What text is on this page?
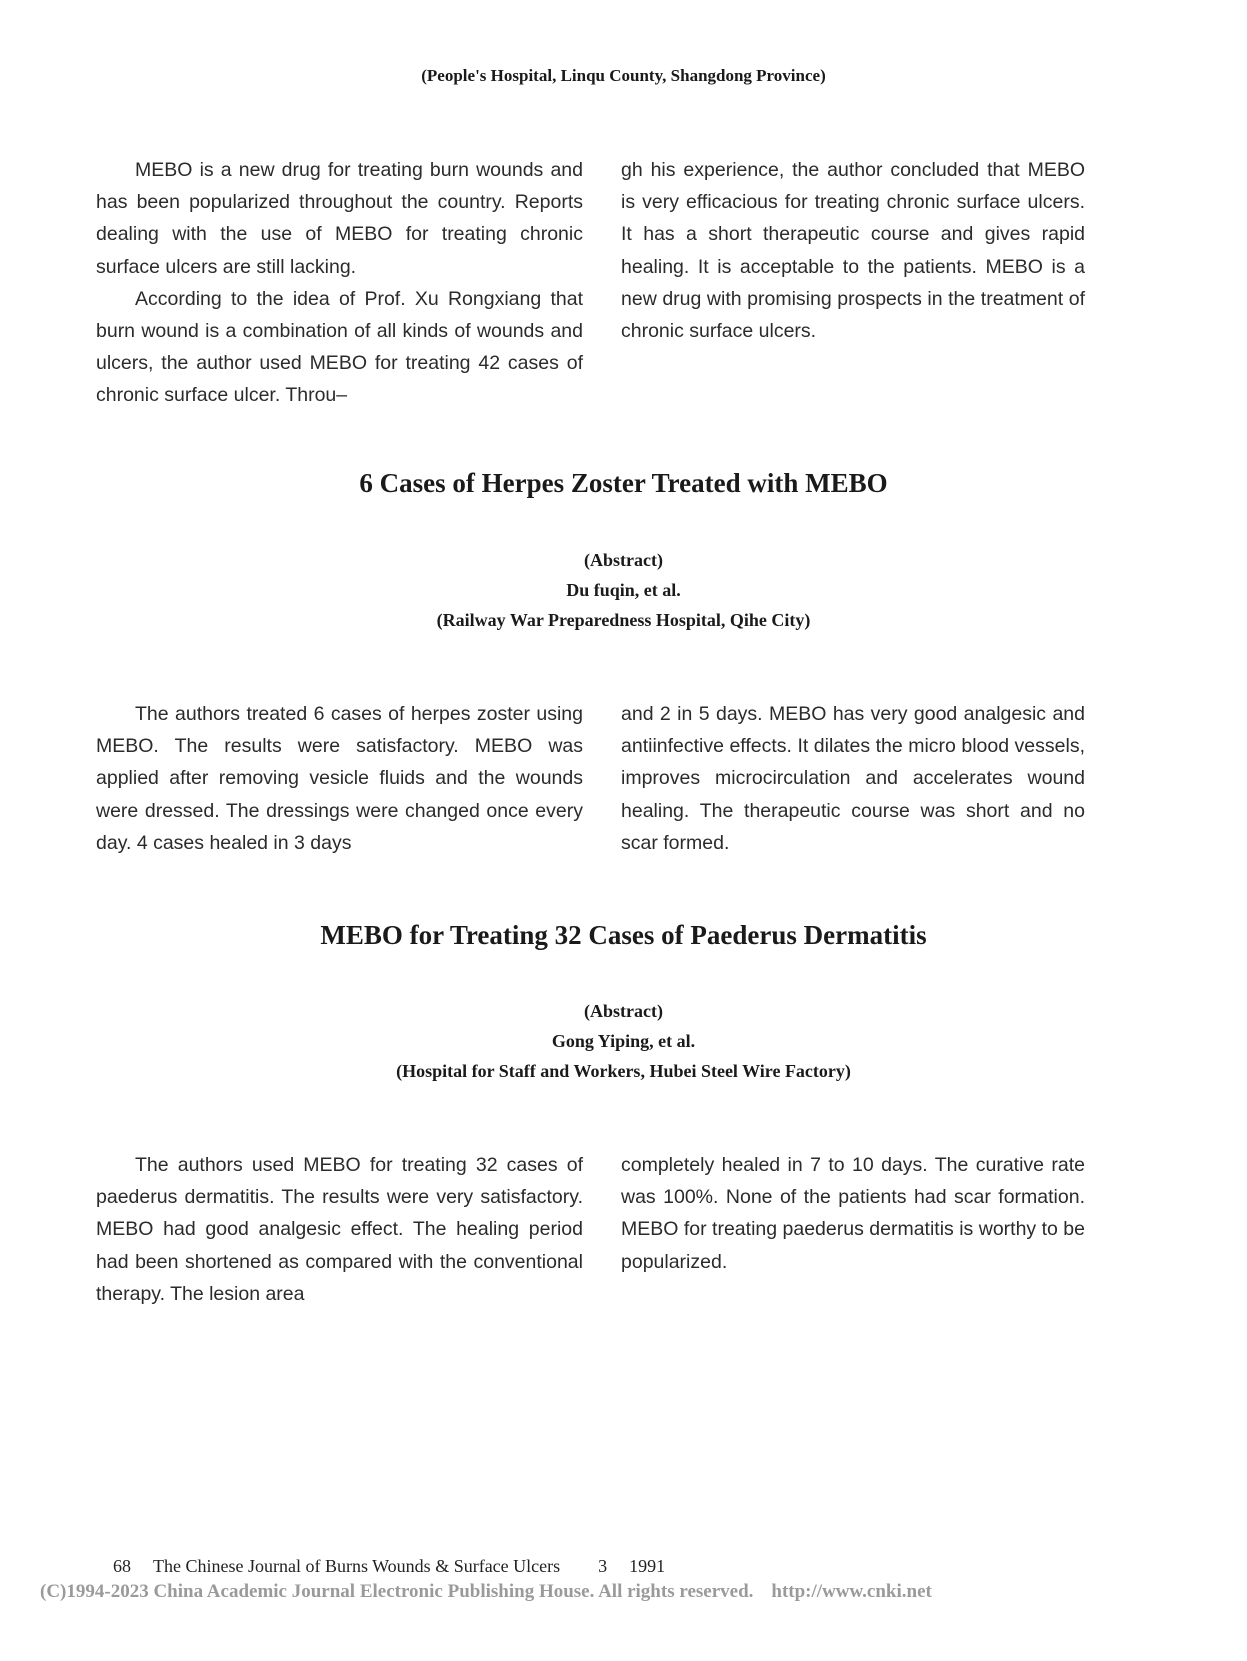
(People's Hospital, Linqu County, Shangdong Province)

MEBO is a new drug for treating burn wounds and has been popularized throughout the country. Reports dealing with the use of MEBO for treating chronic surface ulcers are still lacking.

According to the idea of Prof. Xu Rongxiang that burn wound is a combination of all kinds of wounds and ulcers, the author used MEBO for treating 42 cases of chronic surface ulcer. Throu–

gh his experience, the author concluded that MEBO is very efficacious for treating chronic surface ulcers. It has a short therapeutic course and gives rapid healing. It is acceptable to the patients. MEBO is a new drug with promising prospects in the treatment of chronic surface ulcers.

6 Cases of Herpes Zoster Treated with MEBO
(Abstract)
Du fuqin, et al.
(Railway War Preparedness Hospital, Qihe City)

The authors treated 6 cases of herpes zoster using MEBO. The results were satisfactory. MEBO was applied after removing vesicle fluids and the wounds were dressed. The dressings were changed once every day. 4 cases healed in 3 days

and 2 in 5 days. MEBO has very good analgesic and antiinfective effects. It dilates the micro blood vessels, improves microcirculation and accelerates wound healing. The therapeutic course was short and no scar formed.

MEBO for Treating 32 Cases of Paederus Dermatitis
(Abstract)
Gong Yiping, et al.
(Hospital for Staff and Workers, Hubei Steel Wire Factory)

The authors used MEBO for treating 32 cases of paederus dermatitis. The results were very satisfactory. MEBO had good analgesic effect. The healing period had been shortened as compared with the conventional therapy. The lesion area

completely healed in 7 to 10 days. The curative rate was 100%. None of the patients had scar formation. MEBO for treating paederus dermatitis is worthy to be popularized.

68 The Chinese Journal of Burns Wounds & Surface Ulcers 3 1991

(C)1994-2023 China Academic Journal Electronic Publishing House. All rights reserved. http://www.cnki.net
